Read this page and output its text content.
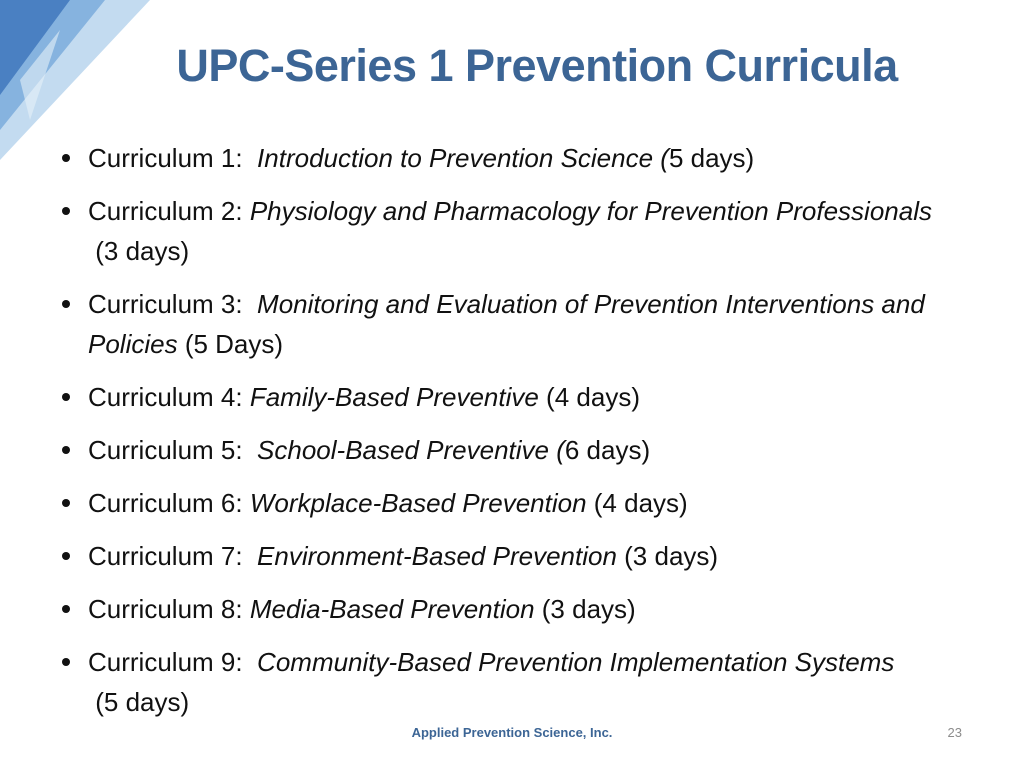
UPC-Series 1 Prevention Curricula
Curriculum 1:  Introduction to Prevention Science (5 days)
Curriculum 2: Physiology and Pharmacology for Prevention Professionals (3 days)
Curriculum 3:  Monitoring and Evaluation of Prevention Interventions and Policies (5 Days)
Curriculum 4: Family-Based Preventive (4 days)
Curriculum 5:  School-Based Preventive (6 days)
Curriculum 6: Workplace-Based Prevention (4 days)
Curriculum 7:  Environment-Based Prevention (3 days)
Curriculum 8: Media-Based Prevention (3 days)
Curriculum 9:  Community-Based Prevention Implementation Systems (5 days)
Applied Prevention Science, Inc.	23
